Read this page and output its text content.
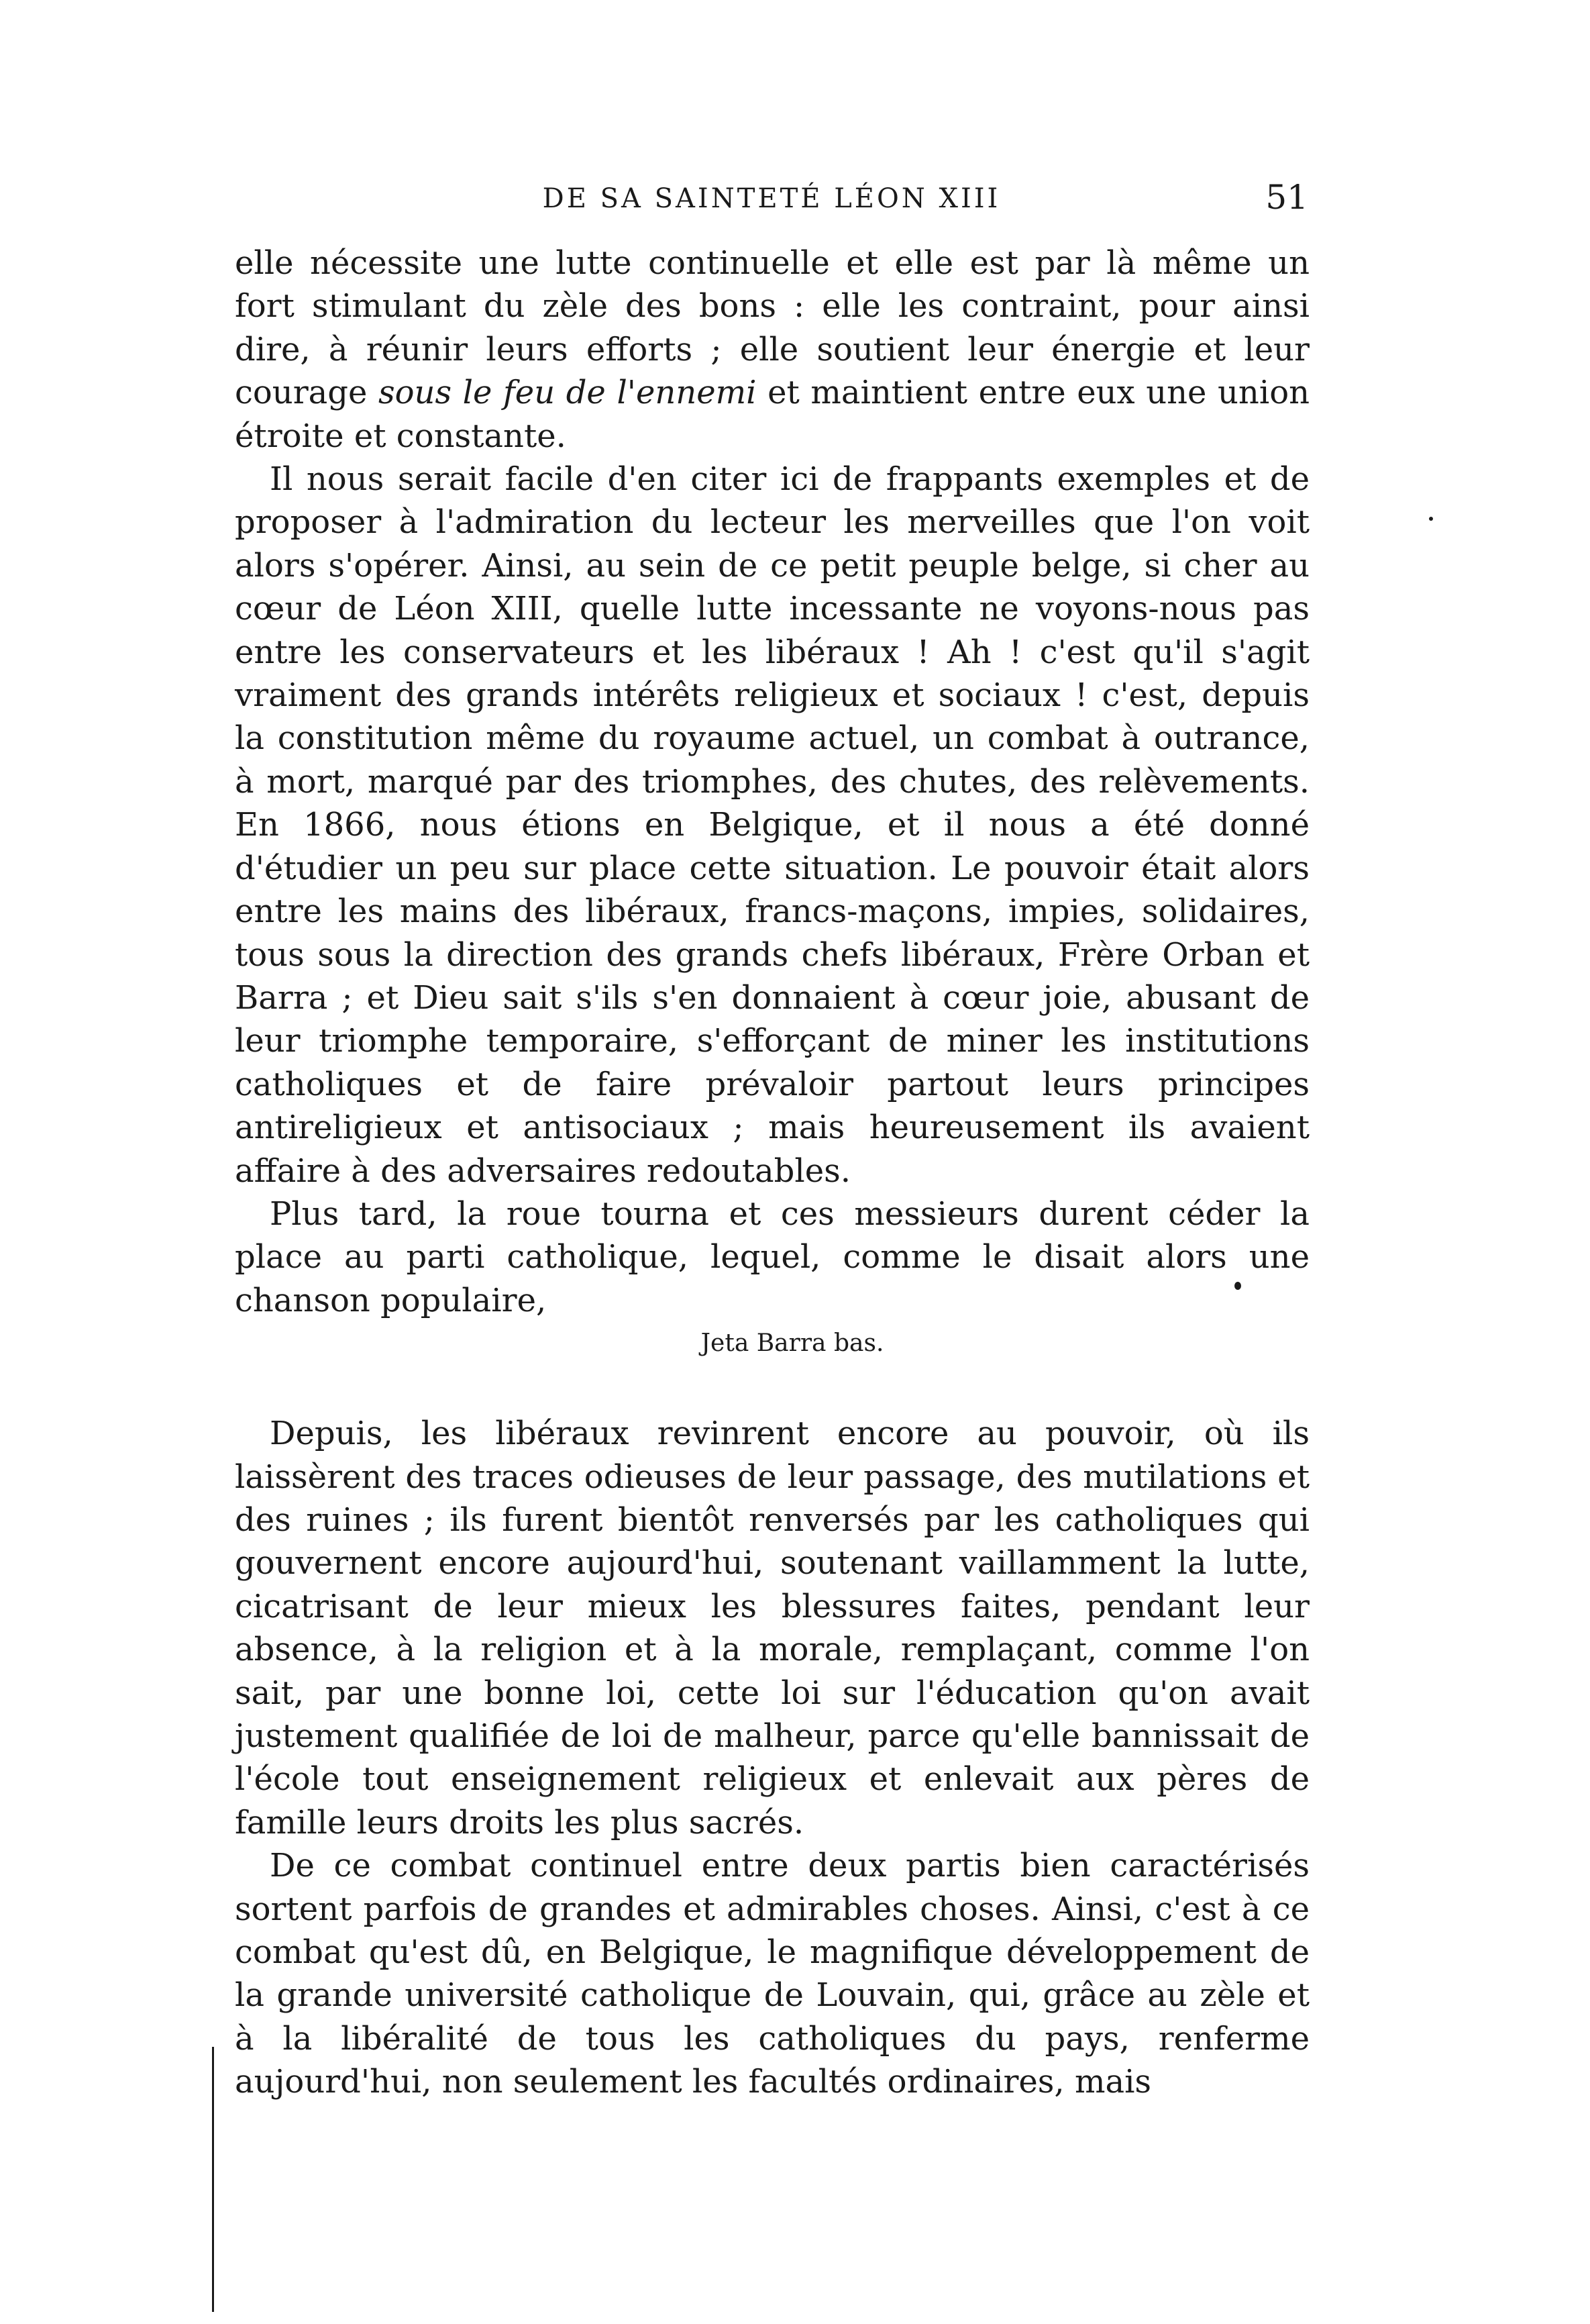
DE SA SAINTETÉ LÉON XIII	51

elle nécessite une lutte continuelle et elle est par là même un fort stimulant du zèle des bons : elle les contraint, pour ainsi dire, à réunir leurs efforts ; elle soutient leur énergie et leur courage sous le feu de l'ennemi et maintient entre eux une union étroite et constante.

Il nous serait facile d'en citer ici de frappants exemples et de proposer à l'admiration du lecteur les merveilles que l'on voit alors s'opérer. Ainsi, au sein de ce petit peuple belge, si cher au cœur de Léon XIII, quelle lutte incessante ne voyons-nous pas entre les conservateurs et les libéraux ! Ah ! c'est qu'il s'agit vraiment des grands intérêts religieux et sociaux ! c'est, depuis la constitution même du royaume actuel, un combat à outrance, à mort, marqué par des triomphes, des chutes, des relèvements. En 1866, nous étions en Belgique, et il nous a été donné d'étudier un peu sur place cette situation. Le pouvoir était alors entre les mains des libéraux, francs-maçons, impies, solidaires, tous sous la direction des grands chefs libéraux, Frère Orban et Barra ; et Dieu sait s'ils s'en donnaient à cœur joie, abusant de leur triomphe temporaire, s'efforçant de miner les institutions catholiques et de faire prévaloir partout leurs principes antireligieux et antisociaux ; mais heureusement ils avaient affaire à des adversaires redoutables.

Plus tard, la roue tourna et ces messieurs durent céder la place au parti catholique, lequel, comme le disait alors une chanson populaire,

Jeta Barra bas.

Depuis, les libéraux revinrent encore au pouvoir, où ils laissèrent des traces odieuses de leur passage, des mutilations et des ruines ; ils furent bientôt renversés par les catholiques qui gouvernent encore aujourd'hui, soutenant vaillamment la lutte, cicatrisant de leur mieux les blessures faites, pendant leur absence, à la religion et à la morale, remplaçant, comme l'on sait, par une bonne loi, cette loi sur l'éducation qu'on avait justement qualifiée de loi de malheur, parce qu'elle bannissait de l'école tout enseignement religieux et enlevait aux pères de famille leurs droits les plus sacrés.

De ce combat continuel entre deux partis bien caractérisés sortent parfois de grandes et admirables choses. Ainsi, c'est à ce combat qu'est dû, en Belgique, le magnifique développement de la grande université catholique de Louvain, qui, grâce au zèle et à la libéralité de tous les catholiques du pays, renferme aujourd'hui, non seulement les facultés ordinaires, mais
